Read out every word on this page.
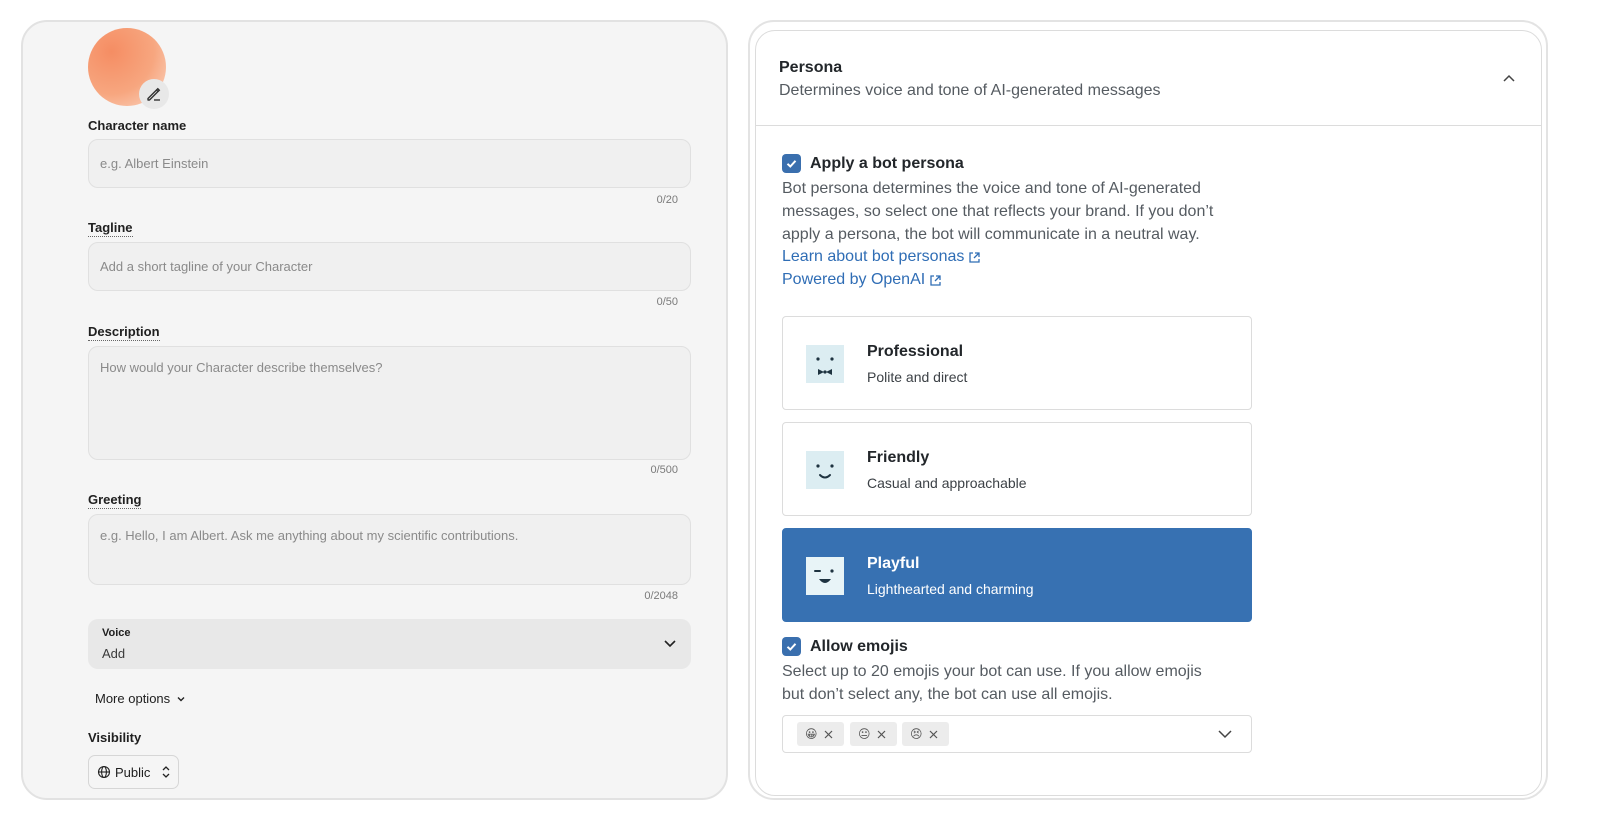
Character name
e.g. Albert Einstein
0/20
Tagline
Add a short tagline of your Character
0/50
Description
How would your Character describe themselves?
0/500
Greeting
e.g. Hello, I am Albert. Ask me anything about my scientific contributions.
0/2048
Voice
Add
More options
Visibility
Public
Persona
Determines voice and tone of AI-generated messages
Apply a bot persona
Bot persona determines the voice and tone of AI-generated
messages, so select one that reflects your brand. If you don’t
apply a persona, the bot will communicate in a neutral way.
Learn about bot personas
Powered by OpenAI
Professional
Polite and direct
Friendly
Casual and approachable
Playful
Lighthearted and charming
Allow emojis
Select up to 20 emojis your bot can use. If you allow emojis
but don’t select any, the bot can use all emojis.
😀	😐	😣
